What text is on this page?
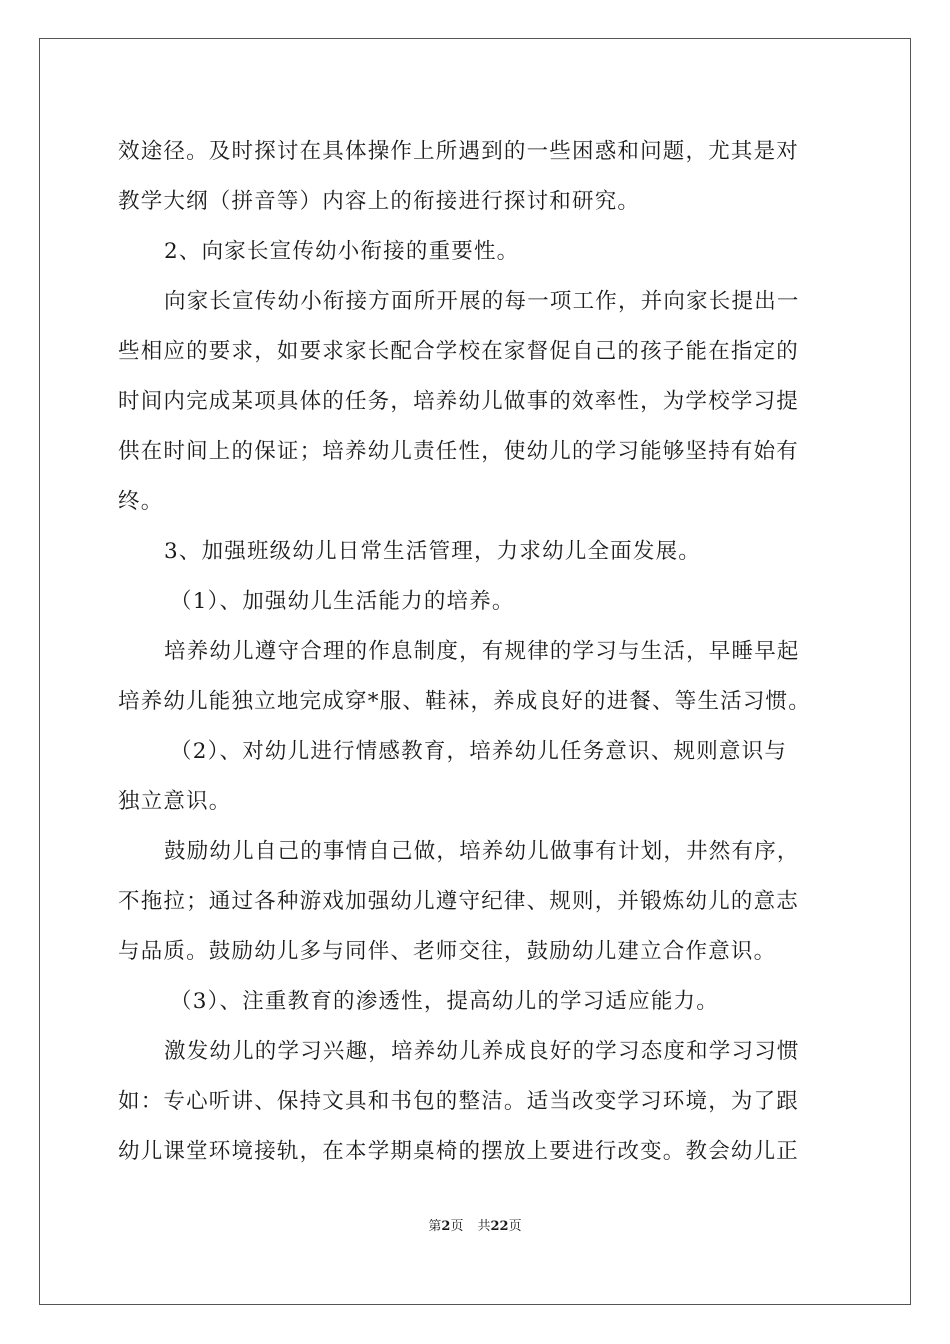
效途径。及时探讨在具体操作上所遇到的一些困惑和问题，尤其是对
教学大纲（拼音等）内容上的衔接进行探讨和研究。
2、向家长宣传幼小衔接的重要性。
向家长宣传幼小衔接方面所开展的每一项工作，并向家长提出一
些相应的要求，如要求家长配合学校在家督促自己的孩子能在指定的
时间内完成某项具体的任务，培养幼儿做事的效率性，为学校学习提
供在时间上的保证；培养幼儿责任性，使幼儿的学习能够坚持有始有
终。
3、加强班级幼儿日常生活管理，力求幼儿全面发展。
（1）、加强幼儿生活能力的培养。
培养幼儿遵守合理的作息制度，有规律的学习与生活，早睡早起
培养幼儿能独立地完成穿*服、鞋袜，养成良好的进餐、等生活习惯。
（2）、对幼儿进行情感教育，培养幼儿任务意识、规则意识与
独立意识。
鼓励幼儿自己的事情自己做，培养幼儿做事有计划，井然有序，
不拖拉；通过各种游戏加强幼儿遵守纪律、规则，并锻炼幼儿的意志
与品质。鼓励幼儿多与同伴、老师交往，鼓励幼儿建立合作意识。
（3）、注重教育的渗透性，提高幼儿的学习适应能力。
激发幼儿的学习兴趣，培养幼儿养成良好的学习态度和学习习惯
如：专心听讲、保持文具和书包的整洁。适当改变学习环境，为了跟
幼儿课堂环境接轨，在本学期桌椅的摆放上要进行改变。教会幼儿正
第2页 共22页
